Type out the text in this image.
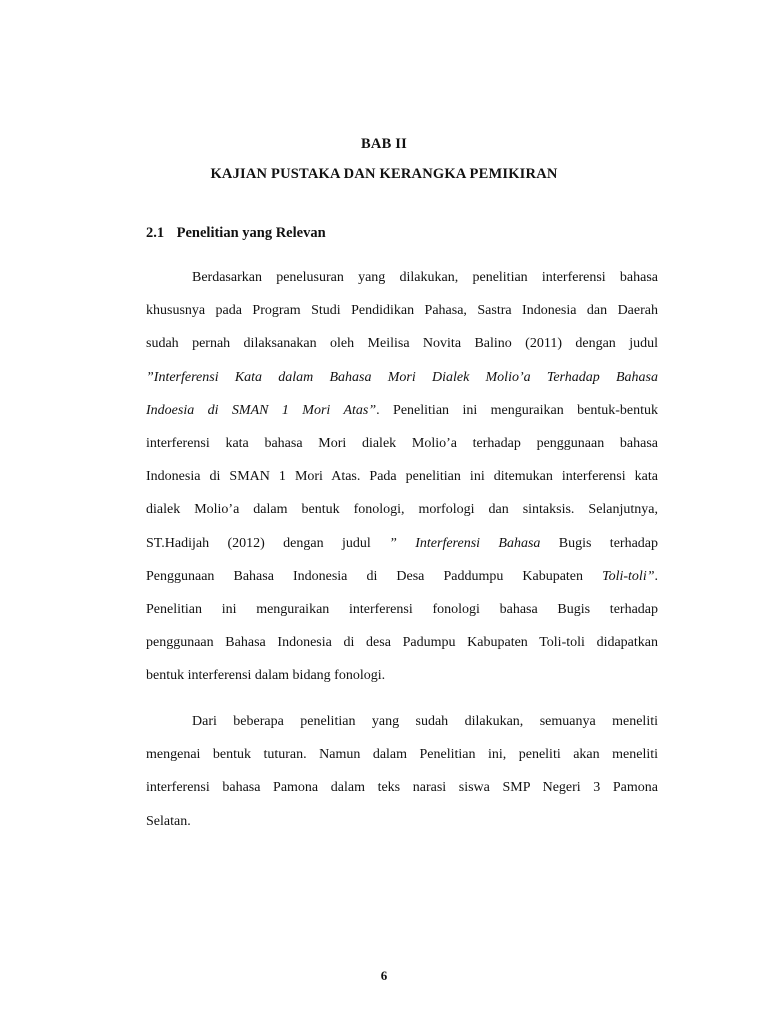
BAB II
KAJIAN PUSTAKA DAN KERANGKA PEMIKIRAN
2.1 Penelitian yang Relevan
Berdasarkan penelusuran yang dilakukan, penelitian interferensi bahasa
khususnya pada Program Studi Pendidikan Pahasa, Sastra Indonesia dan Daerah
sudah pernah dilaksanakan oleh Meilisa Novita Balino (2011) dengan judul
”Interferensi Kata dalam Bahasa Mori Dialek Molio’a Terhadap Bahasa
Indoesia di SMAN 1 Mori Atas”. Penelitian ini menguraikan bentuk-bentuk
interferensi kata bahasa Mori dialek Molio’a terhadap penggunaan bahasa
Indonesia di SMAN 1 Mori Atas. Pada penelitian ini ditemukan interferensi kata
dialek Molio’a dalam bentuk fonologi, morfologi dan sintaksis. Selanjutnya,
ST.Hadijah (2012) dengan judul ” Interferensi Bahasa Bugis terhadap
Penggunaan Bahasa Indonesia di Desa Paddumpu Kabupaten Toli-toli”.
Penelitian ini menguraikan interferensi fonologi bahasa Bugis terhadap
penggunaan Bahasa Indonesia di desa Padumpu Kabupaten Toli-toli didapatkan
bentuk interferensi dalam bidang fonologi.
Dari beberapa penelitian yang sudah dilakukan, semuanya meneliti
mengenai bentuk tuturan. Namun dalam Penelitian ini, peneliti akan meneliti
interferensi bahasa Pamona dalam teks narasi siswa SMP Negeri 3 Pamona
Selatan.
6
